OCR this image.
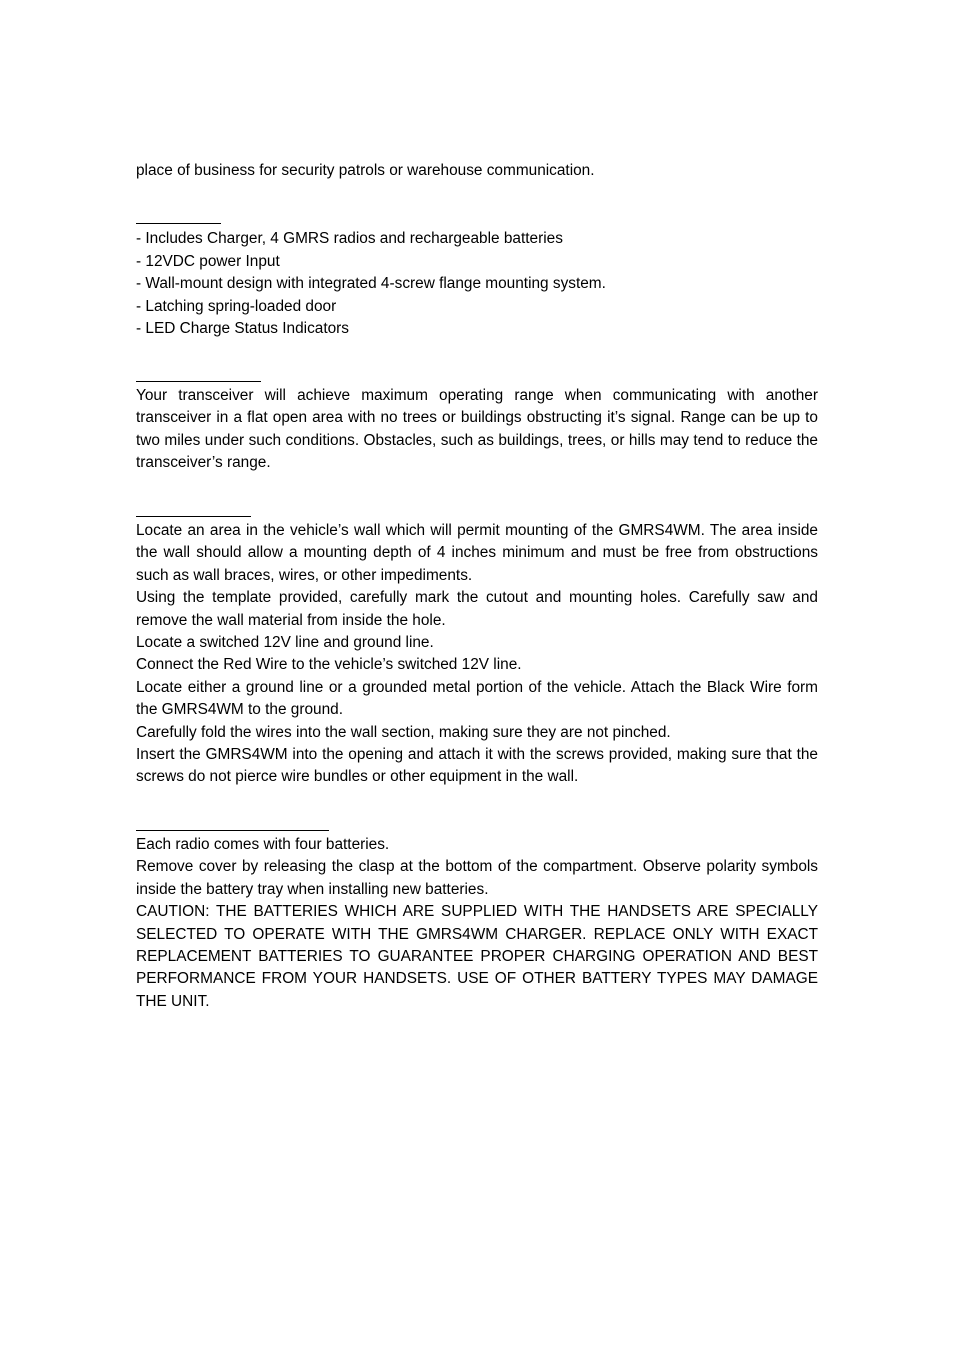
place of business for security patrols or warehouse communication.
- Includes Charger, 4 GMRS radios and rechargeable batteries
- 12VDC power Input
- Wall-mount design with integrated 4-screw flange mounting system.
- Latching spring-loaded door
- LED Charge Status Indicators

Your transceiver will achieve maximum operating range when communicating with another transceiver in a flat open area with no trees or buildings obstructing it’s signal. Range can be up to two miles under such conditions. Obstacles, such as buildings, trees, or hills may tend to reduce the transceiver’s range.

Locate an area in the vehicle’s wall which will permit mounting of the GMRS4WM. The area inside the wall should allow a mounting depth of 4 inches minimum and must be free from obstructions such as wall braces, wires, or other impediments.

Using the template provided, carefully mark the cutout and mounting holes. Carefully saw and remove the wall material from inside the hole.

Locate a switched 12V line and ground line.

Connect the Red Wire to the vehicle’s switched 12V line.

Locate either a ground line or a grounded metal portion of the vehicle. Attach the Black Wire form the GMRS4WM to the ground.

Carefully fold the wires into the wall section, making sure they are not pinched.

Insert the GMRS4WM into the opening and attach it with the screws provided, making sure that the screws do not pierce wire bundles or other equipment in the wall.

Each radio comes with four batteries.

Remove cover by releasing the clasp at the bottom of the compartment. Observe polarity symbols inside the battery tray when installing new batteries.

CAUTION: THE BATTERIES WHICH ARE SUPPLIED WITH THE HANDSETS ARE SPECIALLY SELECTED TO OPERATE WITH THE GMRS4WM CHARGER. REPLACE ONLY WITH EXACT REPLACEMENT BATTERIES TO GUARANTEE PROPER CHARGING OPERATION AND BEST PERFORMANCE FROM YOUR HANDSETS. USE OF OTHER BATTERY TYPES MAY DAMAGE THE UNIT.
